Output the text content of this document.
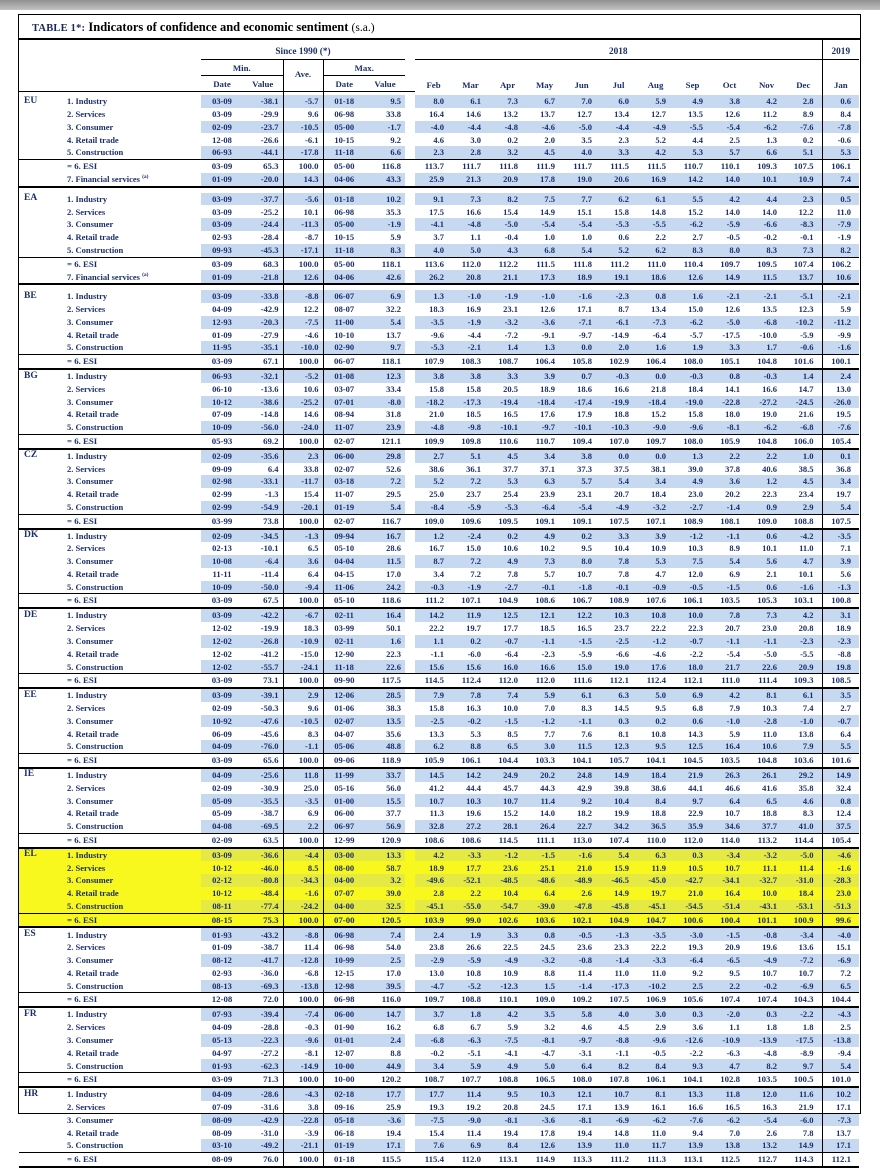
TABLE 1*: Indicators of confidence and economic sentiment (s.a.)
		Since 1990 (*)						2018											2019
		Min.		Ave.	Max.			Feb	Mar	Apr	May	Jun	Jul	Aug	Sep	Oct	Nov	Dec	Jan
		Date	Value		Date	Value													

EU	1. Industry	03-09	-38.1	-5.7	01-18	9.5		8.0	6.1	7.3	6.7	7.0	6.0	5.9	4.9	3.8	4.2	2.8	0.6
	2. Services	03-09	-29.9	9.6	06-98	33.8		16.4	14.6	13.2	13.7	12.7	13.4	12.7	13.5	12.6	11.2	8.9	8.4
	3. Consumer	02-09	-23.7	-10.5	05-00	-1.7		-4.0	-4.4	-4.8	-4.6	-5.0	-4.4	-4.9	-5.5	-5.4	-6.2	-7.6	-7.8
	4. Retail trade	12-08	-26.6	-6.1	10-15	9.2		4.6	3.0	0.2	2.0	3.5	2.3	5.2	4.4	2.5	1.3	0.2	-0.6
	5. Construction	06-93	-44.1	-17.8	11-18	6.6		2.3	2.8	3.2	4.5	4.0	3.3	4.2	5.3	5.7	6.6	5.1	5.3
	= 6. ESI	03-09	65.3	100.0	05-00	116.8		113.7	111.7	111.8	111.9	111.7	111.5	111.5	110.7	110.1	109.3	107.5	106.1
	7. Financial services $^{(a)}$	01-09	-20.0	14.3	04-06	43.3		25.9	21.3	20.9	17.8	19.0	20.6	16.9	14.2	14.0	10.1	10.9	7.4

EA	1. Industry	03-09	-37.7	-5.6	01-18	10.2		9.1	7.3	8.2	7.5	7.7	6.2	6.1	5.5	4.2	4.4	2.3	0.5
	2. Services	03-09	-25.2	10.1	06-98	35.3		17.5	16.6	15.4	14.9	15.1	15.8	14.8	15.2	14.0	14.0	12.2	11.0
	3. Consumer	03-09	-24.4	-11.3	05-00	-1.9		-4.1	-4.8	-5.0	-5.4	-5.4	-5.3	-5.5	-6.2	-5.9	-6.6	-8.3	-7.9
	4. Retail trade	02-93	-28.4	-8.7	10-15	5.9		3.7	1.1	-0.4	1.0	1.0	0.6	2.2	2.7	-0.5	-0.2	-0.1	-1.9
	5. Construction	09-93	-45.3	-17.1	11-18	8.3		4.0	5.0	4.3	6.8	5.4	5.2	6.2	8.3	8.0	8.3	7.3	8.2
	= 6. ESI	03-09	68.3	100.0	05-00	118.1		113.6	112.0	112.2	111.5	111.8	111.2	111.0	110.4	109.7	109.5	107.4	106.2
	7. Financial services $^{(a)}$	01-09	-21.8	12.6	04-06	42.6		26.2	20.8	21.1	17.3	18.9	19.1	18.6	12.6	14.9	11.5	13.7	10.6

BE	1. Industry	03-09	-33.8	-8.8	06-07	6.9		1.3	-1.0	-1.9	-1.0	-1.6	-2.3	0.8	1.6	-2.1	-2.1	-5.1	-2.1
	2. Services	04-09	-42.9	12.2	08-07	32.2		18.3	16.9	23.1	12.6	17.1	8.7	13.4	15.0	12.6	13.5	12.3	5.9
	3. Consumer	12-93	-20.3	-7.5	11-00	5.4		-3.5	-1.9	-3.2	-3.6	-7.1	-6.1	-7.3	-6.2	-5.0	-6.8	-10.2	-11.2
	4. Retail trade	01-09	-27.9	-4.6	10-10	13.7		-9.6	-4.4	-7.2	-9.1	-9.7	-14.9	-6.4	-5.7	-17.5	-10.0	-5.9	-9.9
	5. Construction	11-95	-35.1	-10.0	02-90	9.7		-5.3	-2.1	1.4	1.3	0.0	2.0	1.6	1.9	3.3	1.7	-0.6	-1.6
	= 6. ESI	03-09	67.1	100.0	06-07	118.1		107.9	108.3	108.7	106.4	105.8	102.9	106.4	108.0	105.1	104.8	101.6	100.1
BG	1. Industry	06-93	-32.1	-5.2	01-08	12.3		3.8	3.8	3.3	3.9	0.7	-0.3	0.0	-0.3	0.8	-0.3	1.4	2.4
	2. Services	06-10	-13.6	10.6	03-07	33.4		15.8	15.8	20.5	18.9	18.6	16.6	21.8	18.4	14.1	16.6	14.7	13.0
	3. Consumer	10-12	-38.6	-25.2	07-01	-8.0		-18.2	-17.3	-19.4	-18.4	-17.4	-19.9	-18.4	-19.0	-22.8	-27.2	-24.5	-26.0
	4. Retail trade	07-09	-14.8	14.6	08-94	31.8		21.0	18.5	16.5	17.6	17.9	18.8	15.2	15.8	18.0	19.0	21.6	19.5
	5. Construction	10-09	-56.0	-24.0	11-07	23.9		-4.8	-9.8	-10.1	-9.7	-10.1	-10.3	-9.0	-9.6	-8.1	-6.2	-6.8	-7.6
	= 6. ESI	05-93	69.2	100.0	02-07	121.1		109.9	109.8	110.6	110.7	109.4	107.0	109.7	108.0	105.9	104.8	106.0	105.4
CZ	1. Industry	02-09	-35.6	2.3	06-00	29.8		2.7	5.1	4.5	3.4	3.8	0.0	0.0	1.3	2.2	2.2	1.0	0.1
	2. Services	09-09	6.4	33.8	02-07	52.6		38.6	36.1	37.7	37.1	37.3	37.5	38.1	39.0	37.8	40.6	38.5	36.8
	3. Consumer	02-98	-33.1	-11.7	03-18	7.2		5.2	7.2	5.3	6.3	5.7	5.4	3.4	4.9	3.6	1.2	4.5	3.4
	4. Retail trade	02-99	-1.3	15.4	11-07	29.5		25.0	23.7	25.4	23.9	23.1	20.7	18.4	23.0	20.2	22.3	23.4	19.7
	5. Construction	02-99	-54.9	-20.1	01-19	5.4		-8.4	-5.9	-5.3	-6.4	-5.4	-4.9	-3.2	-2.7	-1.4	0.9	2.9	5.4
	= 6. ESI	03-99	73.8	100.0	02-07	116.7		109.0	109.6	109.5	109.1	109.1	107.5	107.1	108.9	108.1	109.0	108.8	107.5
DK	1. Industry	02-09	-34.5	-1.3	09-94	16.7		1.2	-2.4	0.2	4.9	0.2	3.3	3.9	-1.2	-1.1	0.6	-4.2	-3.5
	2. Services	02-13	-10.1	6.5	05-10	28.6		16.7	15.0	10.6	10.2	9.5	10.4	10.9	10.3	8.9	10.1	11.0	7.1
	3. Consumer	10-08	-6.4	3.6	04-04	11.5		8.7	7.2	4.9	7.3	8.0	7.8	5.3	7.5	5.4	5.6	4.7	3.9
	4. Retail trade	11-11	-11.4	6.4	04-15	17.0		3.4	7.2	7.8	5.7	10.7	7.8	4.7	12.0	6.9	2.1	10.1	5.6
	5. Construction	10-09	-50.0	-9.4	11-06	24.2		-0.3	-1.9	-2.7	-0.1	-1.8	-0.1	-0.9	-0.5	-1.5	0.6	-1.6	-1.3
	= 6. ESI	03-09	67.5	100.0	05-10	118.6		111.2	107.1	104.9	108.6	106.7	108.9	107.6	106.1	103.5	105.3	103.1	100.8
DE	1. Industry	03-09	-42.2	-6.7	02-11	16.4		14.2	11.9	12.5	12.1	12.2	10.3	10.8	10.0	7.8	7.3	4.2	3.1
	2. Services	12-02	-19.9	18.3	03-99	50.1		22.2	19.7	17.7	18.5	16.5	23.7	22.2	22.3	20.7	23.0	20.8	18.9
	3. Consumer	12-02	-26.8	-10.9	02-11	1.6		1.1	0.2	-0.7	-1.1	-1.5	-2.5	-1.2	-0.7	-1.1	-1.1	-2.3	-2.3
	4. Retail trade	12-02	-41.2	-15.0	12-90	22.3		-1.1	-6.0	-6.4	-2.3	-5.9	-6.6	-4.6	-2.2	-5.4	-5.0	-5.5	-8.8
	5. Construction	12-02	-55.7	-24.1	11-18	22.6		15.6	15.6	16.0	16.6	15.0	19.0	17.6	18.0	21.7	22.6	20.9	19.8
	= 6. ESI	03-09	73.1	100.0	09-90	117.5		114.5	112.4	112.0	112.0	111.6	112.1	112.4	112.1	111.0	111.4	109.3	108.5
EE	1. Industry	03-09	-39.1	2.9	12-06	28.5		7.9	7.8	7.4	5.9	6.1	6.3	5.0	6.9	4.2	8.1	6.1	3.5
	2. Services	02-09	-50.3	9.6	01-06	38.3		15.8	16.3	10.0	7.0	8.3	14.5	9.5	6.8	7.9	10.3	7.4	2.7
	3. Consumer	10-92	-47.6	-10.5	02-07	13.5		-2.5	-0.2	-1.5	-1.2	-1.1	0.3	0.2	0.6	-1.0	-2.8	-1.0	-0.7
	4. Retail trade	06-09	-45.6	8.3	04-07	35.6		13.3	5.3	8.5	7.7	7.6	8.1	10.8	14.3	5.9	11.0	13.8	6.4
	5. Construction	04-09	-76.0	-1.1	05-06	48.8		6.2	8.8	6.5	3.0	11.5	12.3	9.5	12.5	16.4	10.6	7.9	5.5
	= 6. ESI	03-09	65.6	100.0	09-06	118.9		105.9	106.1	104.4	103.3	104.1	105.7	104.1	104.5	103.5	104.8	103.6	101.6
IE	1. Industry	04-09	-25.6	11.8	11-99	33.7		14.5	14.2	24.9	20.2	24.8	14.9	18.4	21.9	26.3	26.1	29.2	14.9
	2. Services	02-09	-30.9	25.0	05-16	56.0		41.2	44.4	45.7	44.3	42.9	39.8	38.6	44.1	46.6	41.6	35.8	32.4
	3. Consumer	05-09	-35.5	-3.5	01-00	15.5		10.7	10.3	10.7	11.4	9.2	10.4	8.4	9.7	6.4	6.5	4.6	0.8
	4. Retail trade	05-09	-38.7	6.9	06-00	37.7		11.3	19.6	15.2	14.0	18.2	19.9	18.8	22.9	10.7	18.8	8.3	12.4
	5. Construction	04-08	-69.5	2.2	06-97	56.9		32.8	27.2	28.1	26.4	22.7	34.2	36.5	35.9	34.6	37.7	41.0	37.5
	= 6. ESI	02-09	63.5	100.0	12-99	120.9		108.6	108.6	114.5	111.1	113.0	107.4	110.0	112.0	114.0	113.2	114.4	105.4
EL	1. Industry	03-09	-36.6	-4.4	03-00	13.3		4.2	-3.3	-1.2	-1.5	-1.6	5.4	6.3	0.3	-3.4	-3.2	-5.0	-4.6
	2. Services	10-12	-46.0	8.5	08-00	58.7		18.9	17.7	23.6	25.1	21.0	15.9	11.9	10.5	10.7	11.1	11.4	-1.6
	3. Consumer	02-12	-80.8	-34.3	04-00	3.2		-49.6	-52.1	-48.5	-48.6	-48.9	-46.5	-45.0	-42.7	-34.1	-32.7	-31.0	-28.3
	4. Retail trade	10-12	-48.4	-1.6	07-07	39.0		2.8	2.2	10.4	6.4	2.6	14.9	19.7	21.0	16.4	10.0	18.4	23.0
	5. Construction	08-11	-77.4	-24.2	04-00	32.5		-45.1	-55.0	-54.7	-39.0	-47.8	-45.8	-45.1	-54.5	-51.4	-43.1	-53.1	-51.3
	= 6. ESI	08-15	75.3	100.0	07-00	120.5		103.9	99.0	102.6	103.6	102.1	104.9	104.7	100.6	100.4	101.1	100.9	99.6
ES	1. Industry	01-93	-43.2	-8.8	06-98	7.4		2.4	1.9	3.3	0.8	-0.5	-1.3	-3.5	-3.0	-1.5	-0.8	-3.4	-4.0
	2. Services	01-09	-38.7	11.4	06-98	54.0		23.8	26.6	22.5	24.5	23.6	23.3	22.2	19.3	20.9	19.6	13.6	15.1
	3. Consumer	08-12	-41.7	-12.8	10-99	2.5		-2.9	-5.9	-4.9	-3.2	-0.8	-1.4	-3.3	-6.4	-6.5	-4.9	-7.2	-6.9
	4. Retail trade	02-93	-36.0	-6.8	12-15	17.0		13.0	10.8	10.9	8.8	11.4	11.0	11.0	9.2	9.5	10.7	10.7	7.2
	5. Construction	08-13	-69.3	-13.8	12-98	39.5		-4.7	-5.2	-12.3	1.5	-1.4	-17.3	-10.2	2.5	2.2	-0.2	-6.9	6.5
	= 6. ESI	12-08	72.0	100.0	06-98	116.0		109.7	108.8	110.1	109.0	109.2	107.5	106.9	105.6	107.4	107.4	104.3	104.4
FR	1. Industry	07-93	-39.4	-7.4	06-00	14.7		3.7	1.8	4.2	3.5	5.8	4.0	3.0	0.3	-2.0	0.3	-2.2	-4.3
	2. Services	04-09	-28.8	-0.3	01-90	16.2		6.8	6.7	5.9	3.2	4.6	4.5	2.9	3.6	1.1	1.8	1.8	2.5
	3. Consumer	05-13	-22.3	-9.6	01-01	2.4		-6.8	-6.3	-7.5	-8.1	-9.7	-8.8	-9.6	-12.6	-10.9	-13.9	-17.5	-13.8
	4. Retail trade	04-97	-27.2	-8.1	12-07	8.8		-0.2	-5.1	-4.1	-4.7	-3.1	-1.1	-0.5	-2.2	-6.3	-4.8	-8.9	-9.4
	5. Construction	01-93	-62.3	-14.9	10-00	44.9		3.4	5.9	4.9	5.0	6.4	8.2	8.4	9.3	4.7	8.2	9.7	5.4
	= 6. ESI	03-09	71.3	100.0	10-00	120.2		108.7	107.7	108.8	106.5	108.0	107.8	106.1	104.1	102.8	103.5	100.5	101.0
HR	1. Industry	04-09	-28.6	-4.3	02-18	17.7		17.7	11.4	9.5	10.3	12.1	10.7	8.1	13.3	11.8	12.0	11.6	10.2
	2. Services	07-09	-31.6	3.8	09-16	25.9		19.3	19.2	20.8	24.5	17.1	13.9	16.1	16.6	16.5	16.3	21.9	17.1
	3. Consumer	08-09	-42.9	-22.8	05-18	-3.6		-7.5	-9.0	-8.1	-3.6	-8.1	-6.9	-6.2	-7.6	-6.2	-5.4	-6.0	-7.3
	4. Retail trade	08-09	-31.0	-3.9	06-18	19.4		15.4	11.4	19.4	17.8	19.4	14.8	11.0	9.4	7.0	2.6	7.8	13.7
	5. Construction	03-10	-49.2	-21.1	01-19	17.1		7.6	6.9	8.4	12.6	13.9	11.0	11.7	13.9	13.8	13.2	14.9	17.1
	= 6. ESI	08-09	76.0	100.0	01-18	115.5		115.4	112.0	113.1	114.9	113.3	111.2	111.3	113.1	112.5	112.7	114.3	112.1
